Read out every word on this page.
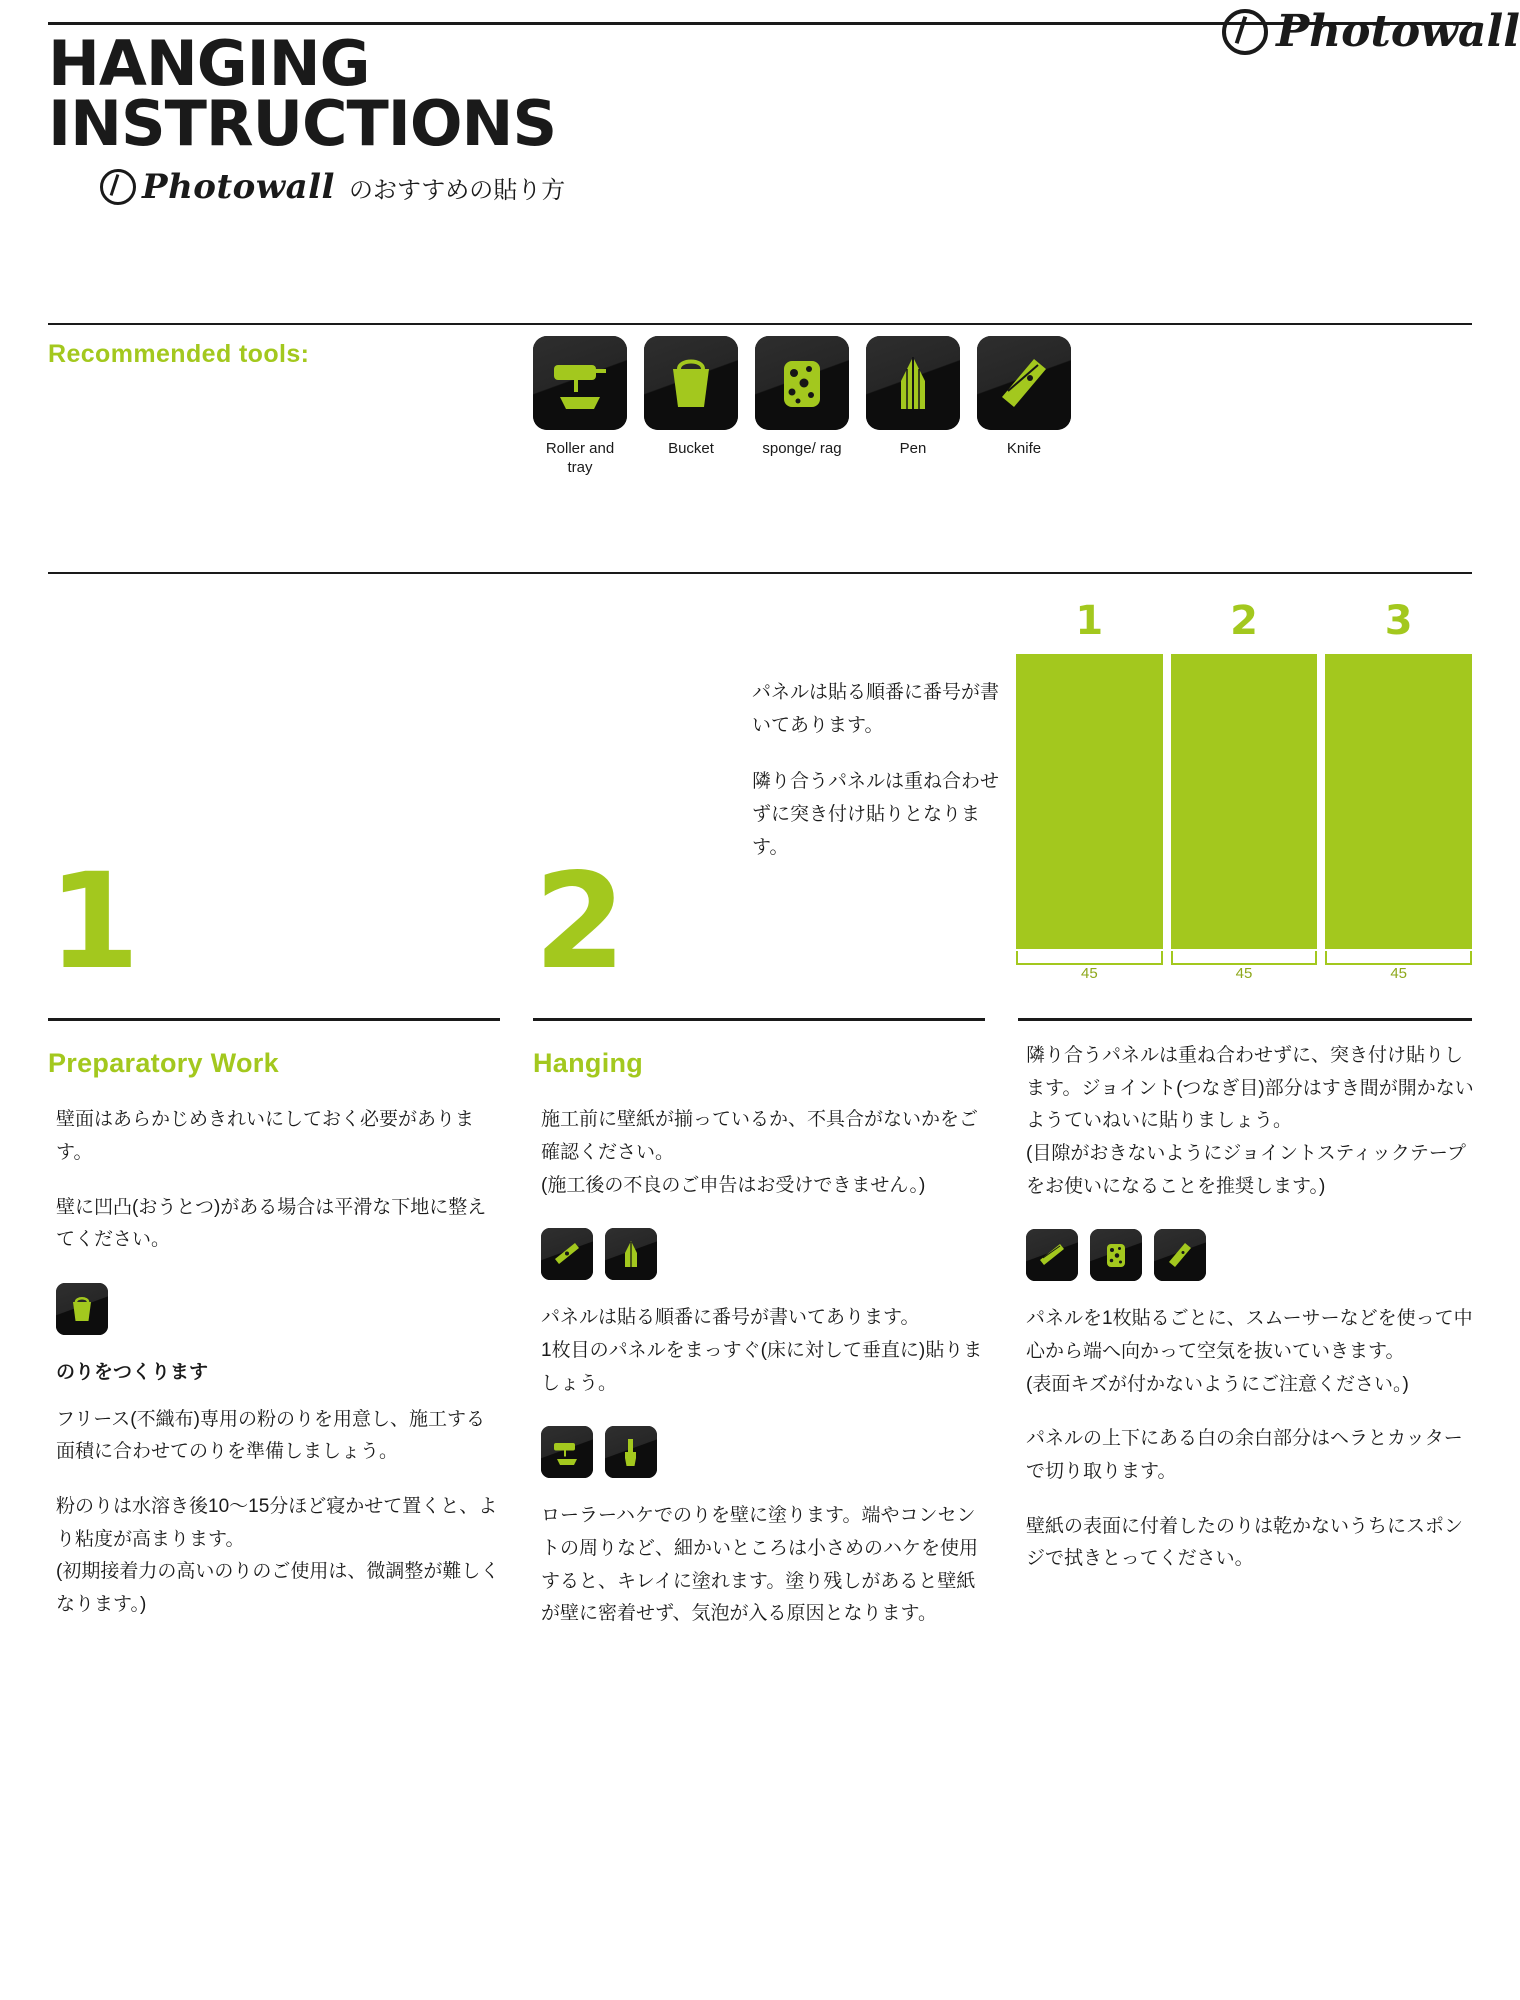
HANGING
INSTRUCTIONS
Photowall のおすすめの貼り方
Photowall
Recommended tools:
Roller and tray
Bucket	sponge/ rag	Pen	Knife
1	2

パネルは貼る順番に番号が書いてあります。

隣り合うパネルは重ね合わせずに突き付け貼りとなります。

1	2	3
45	45	45
Preparatory Work

壁面はあらかじめきれいにしておく必要があります。

壁に凹凸(おうとつ)がある場合は平滑な下地に整えてください。

のりをつくります

フリース(不織布)専用の粉のりを用意し、施工する面積に合わせてのりを準備しましょう。

粉のりは水溶き後10〜15分ほど寝かせて置くと、より粘度が高まります。

(初期接着力の高いのりのご使用は、微調整が難しくなります。)

Hanging

施工前に壁紙が揃っているか、不具合がないかをご確認ください。

(施工後の不良のご申告はお受けできません。)

パネルは貼る順番に番号が書いてあります。

1枚目のパネルをまっすぐ(床に対して垂直に)貼りましょう。

ローラーハケでのりを壁に塗ります。端やコンセントの周りなど、細かいところは小さめのハケを使用すると、キレイに塗れます。塗り残しがあると壁紙が壁に密着せず、気泡が入る原因となります。

隣り合うパネルは重ね合わせずに、突き付け貼りします。ジョイント(つなぎ目)部分はすき間が開かないようていねいに貼りましょう。

(目隙がおきないようにジョイントスティックテープをお使いになることを推奨します。)

パネルを1枚貼るごとに、スムーサーなどを使って中心から端へ向かって空気を抜いていきます。

(表面キズが付かないようにご注意ください。)

パネルの上下にある白の余白部分はヘラとカッターで切り取ります。

壁紙の表面に付着したのりは乾かないうちにスポンジで拭きとってください。
